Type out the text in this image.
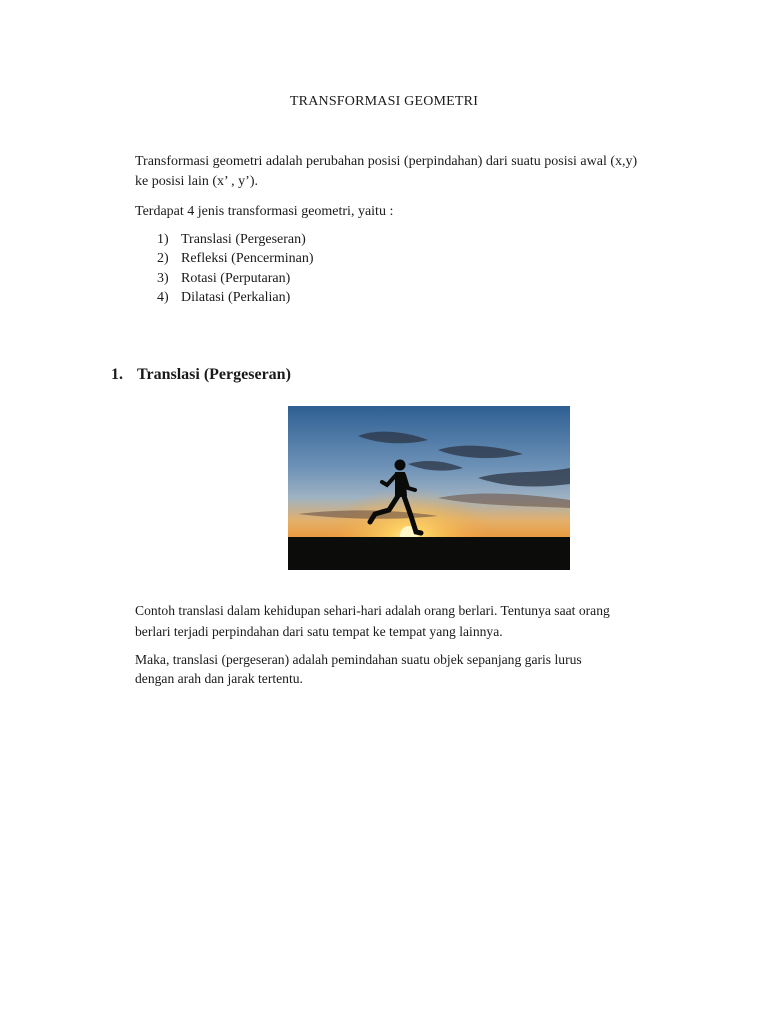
TRANSFORMASI GEOMETRI

Transformasi geometri adalah perubahan posisi (perpindahan) dari suatu posisi awal (x,y)
ke posisi lain (x’ , y’).

Terdapat 4 jenis transformasi geometri, yaitu :

1) Translasi (Pergeseran)
2) Refleksi (Pencerminan)
3) Rotasi (Perputaran)
4) Dilatasi (Perkalian)
1. Translasi (Pergeseran)

Contoh translasi dalam kehidupan sehari-hari adalah orang berlari. Tentunya saat orang
berlari terjadi perpindahan dari satu tempat ke tempat yang lainnya.

Maka, translasi (pergeseran) adalah pemindahan suatu objek sepanjang garis lurus
dengan arah dan jarak tertentu.
